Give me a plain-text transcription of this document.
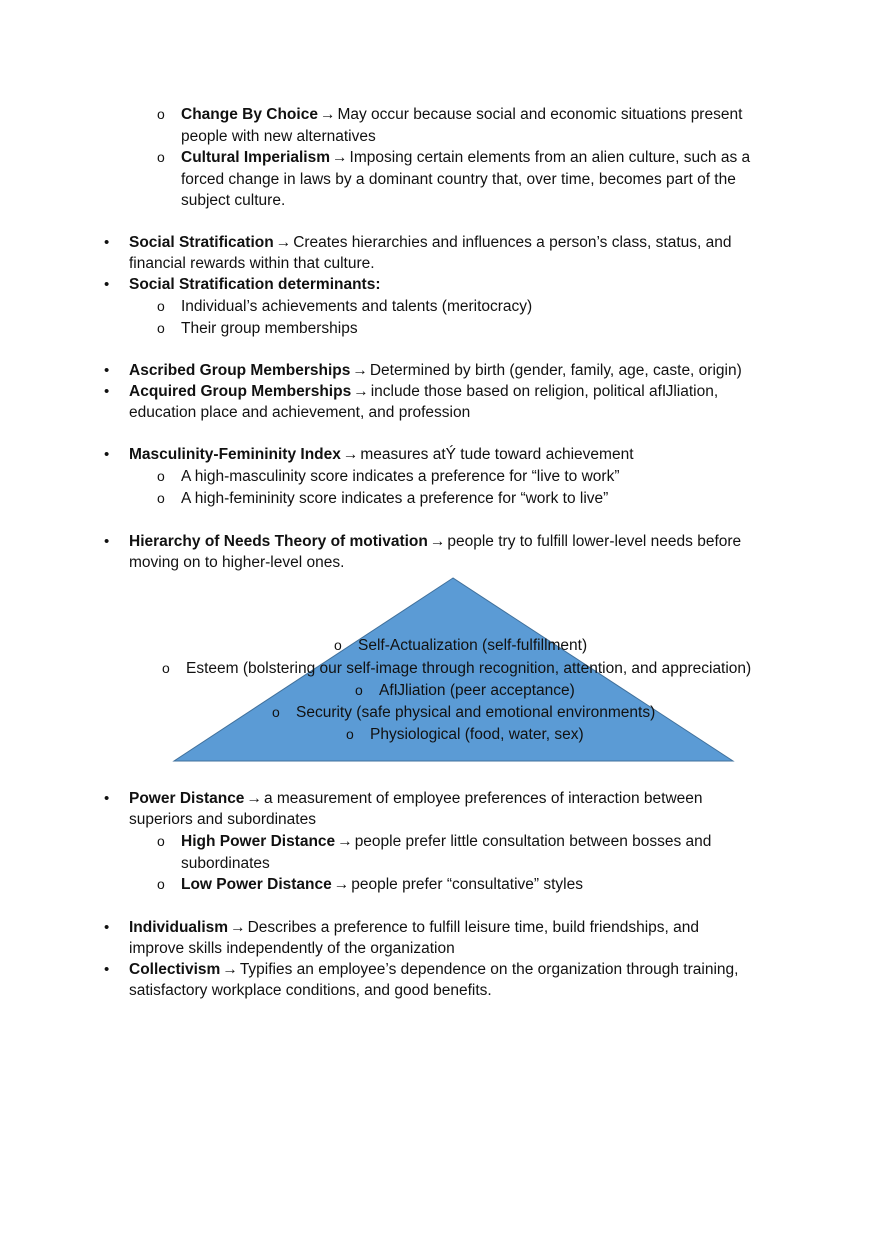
o Change By Choice → May occur because social and economic situations present
people with new alternatives
o Cultural Imperialism → Imposing certain elements from an alien culture, such as a
forced change in laws by a dominant country that, over time, becomes part of the
subject culture.
• Social Stratification → Creates hierarchies and influences a person’s class, status, and
financial rewards within that culture.
• Social Stratification determinants:
o Individual’s achievements and talents (meritocracy)
o Their group memberships
• Ascribed Group Memberships → Determined by birth (gender, family, age, caste, origin)
• Acquired Group Memberships → include those based on religion, political afĲliation,
education place and achievement, and profession
• Masculinity-Femininity Index → measures atÝ tude toward achievement
o A high-masculinity score indicates a preference for “live to work”
o A high-femininity score indicates a preference for “work to live”
• Hierarchy of Needs Theory of motivation → people try to fulfill lower-level needs before
moving on to higher-level ones.
o Self-Actualization (self-fulfillment)
o Esteem (bolstering our self-image through recognition, attention, and appreciation)
o AfĲliation (peer acceptance)
o Security (safe physical and emotional environments)
o Physiological (food, water, sex)
• Power Distance → a measurement of employee preferences of interaction between
superiors and subordinates
o High Power Distance → people prefer little consultation between bosses and
subordinates
o Low Power Distance → people prefer “consultative” styles
• Individualism → Describes a preference to fulfill leisure time, build friendships, and
improve skills independently of the organization
• Collectivism → Typifies an employee’s dependence on the organization through training,
satisfactory workplace conditions, and good benefits.
